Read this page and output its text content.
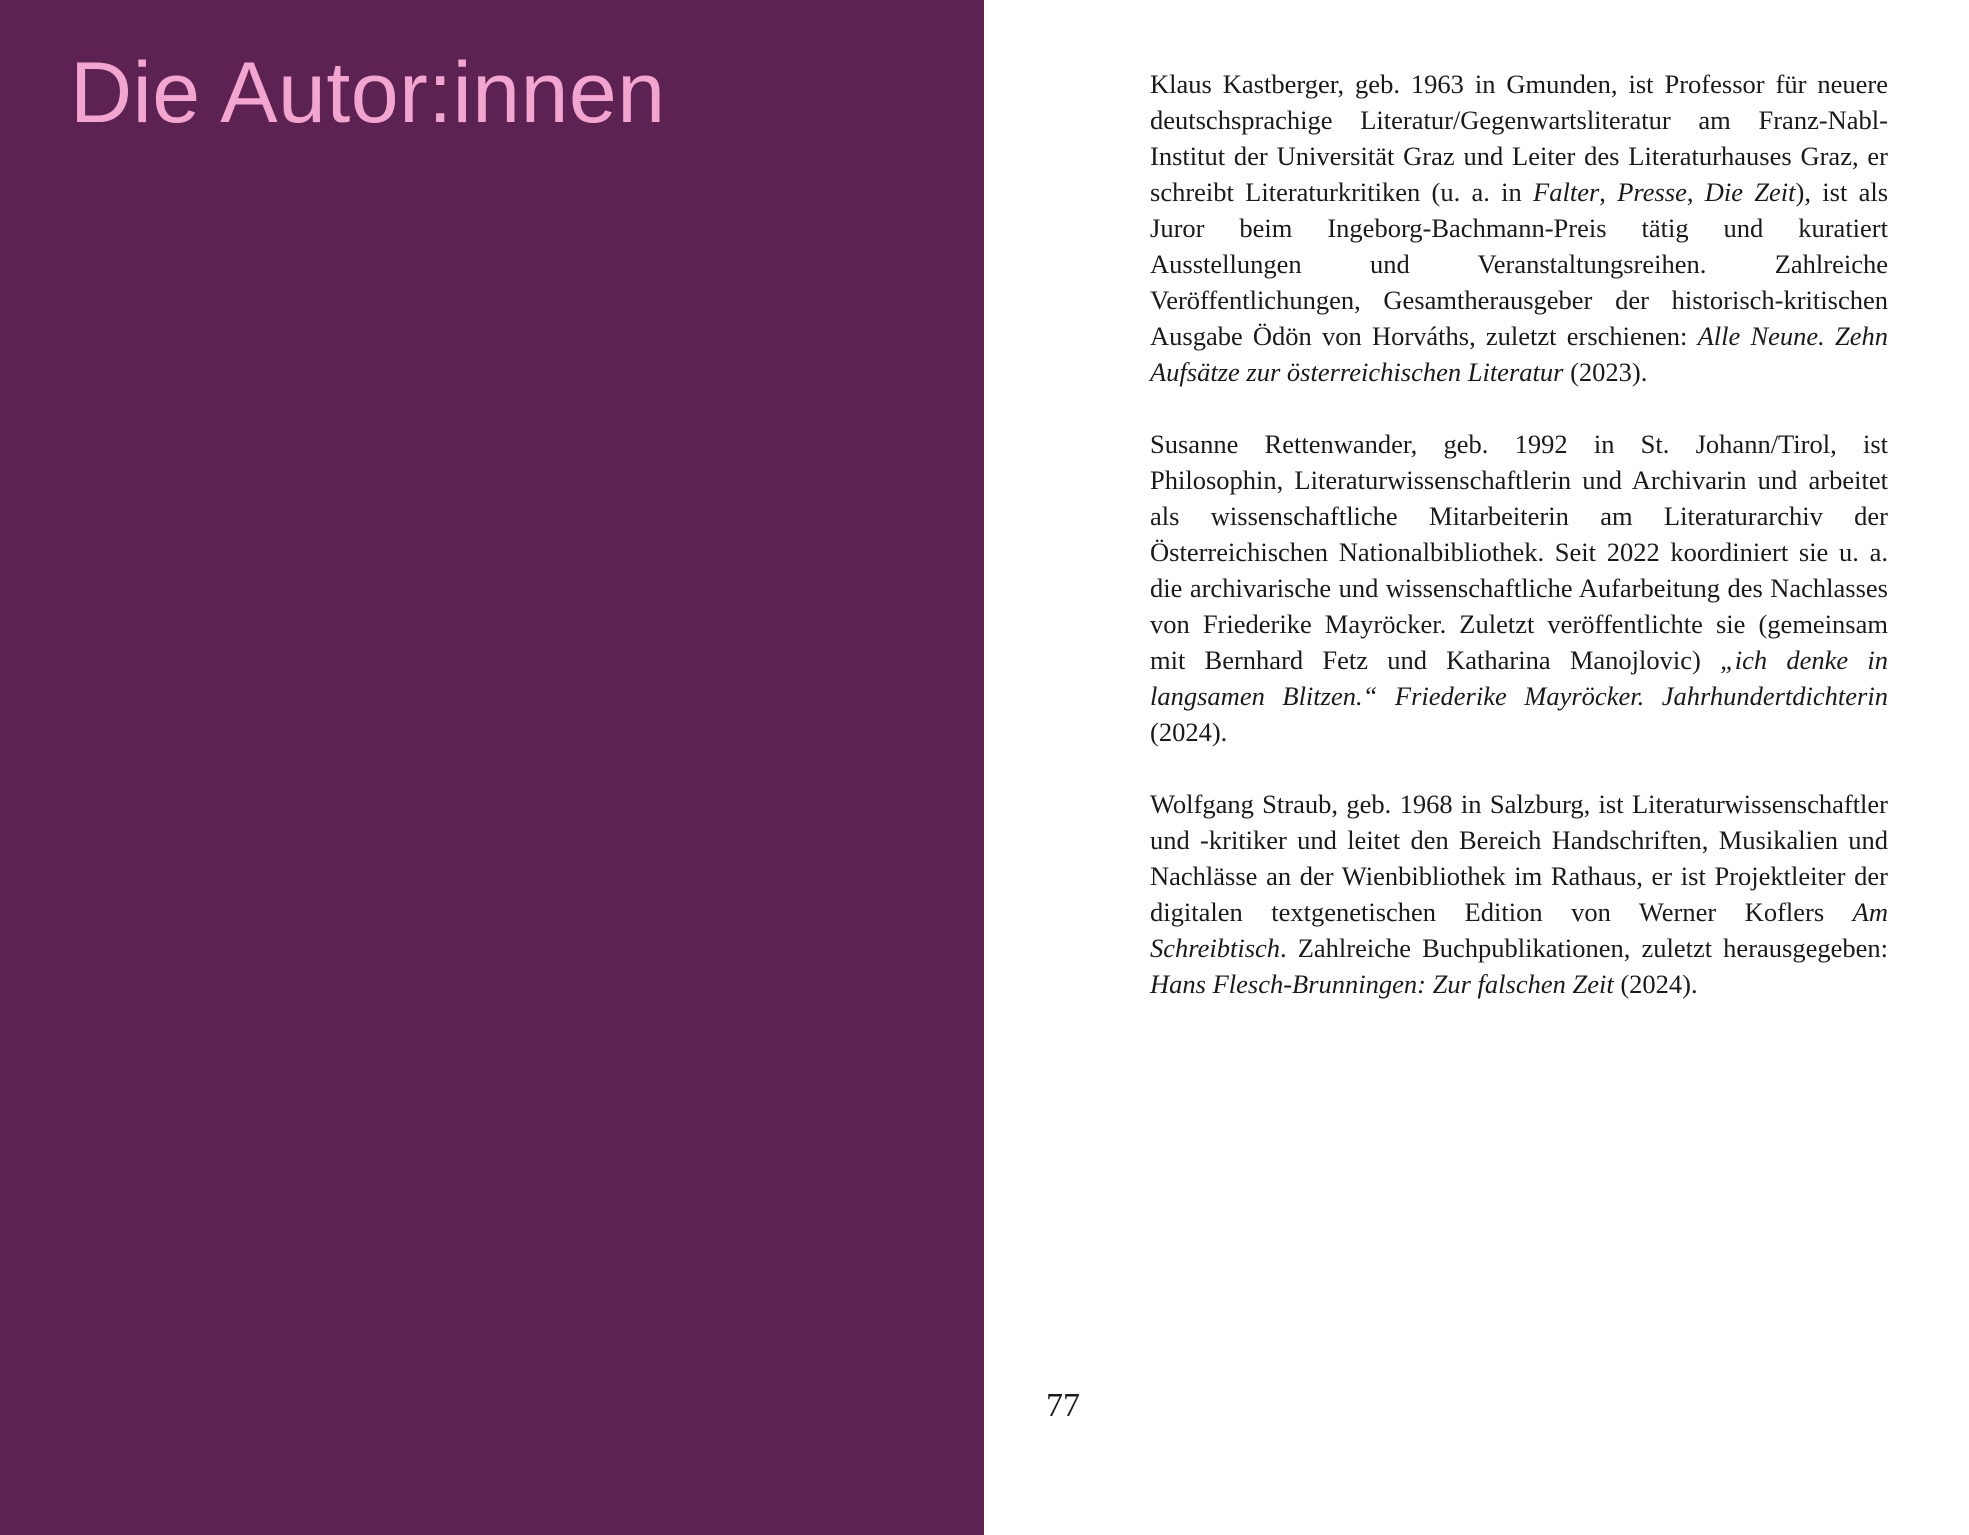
Die Autor:innen	Klaus Kastberger, geb. 1963 in Gmunden, ist Professor für neuere deutschsprachige Literatur/Gegenwartsliteratur am Franz-Nabl-Institut der Universität Graz und Leiter des Literaturhauses Graz, er schreibt Literaturkritiken (u. a. in Falter, Presse, Die Zeit), ist als Juror beim Ingeborg-Bachmann-Preis tätig und kuratiert Ausstellungen und Veranstaltungsreihen. Zahlreiche Veröffentlichungen, Gesamtherausgeber der historisch-kritischen Ausgabe Ödön von Horváths, zuletzt erschienen: Alle Neune. Zehn Aufsätze zur österreichischen Literatur (2023).

Susanne Rettenwander, geb. 1992 in St. Johann/Tirol, ist Philosophin, Literaturwissenschaftlerin und Archivarin und arbeitet als wissenschaftliche Mitarbeiterin am Literaturarchiv der Österreichischen Nationalbibliothek. Seit 2022 koordiniert sie u. a. die archivarische und wissenschaftliche Aufarbeitung des Nachlasses von Friederike Mayröcker. Zuletzt veröffentlichte sie (gemeinsam mit Bernhard Fetz und Katharina Manojlovic) „ich denke in langsamen Blitzen.“ Friederike Mayröcker. Jahrhundertdichterin (2024).

Wolfgang Straub, geb. 1968 in Salzburg, ist Literaturwissenschaftler und -kritiker und leitet den Bereich Handschriften, Musikalien und Nachlässe an der Wienbibliothek im Rathaus, er ist Projektleiter der digitalen textgenetischen Edition von Werner Koflers Am Schreibtisch. Zahlreiche Buchpublikationen, zuletzt herausgegeben: Hans Flesch-Brunningen: Zur falschen Zeit (2024).

77
